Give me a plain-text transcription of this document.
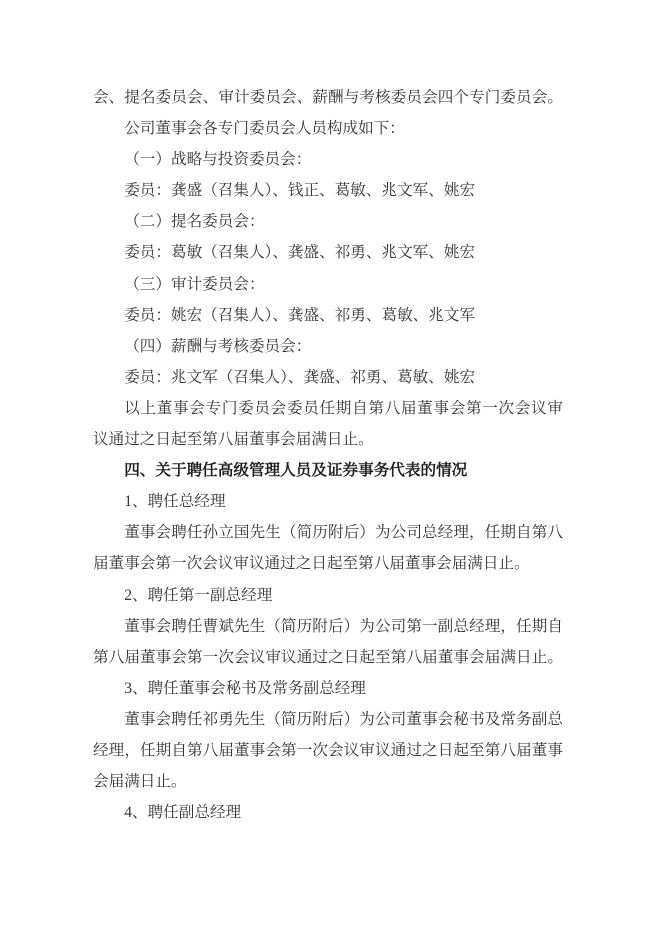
会、提名委员会、审计委员会、薪酬与考核委员会四个专门委员会。
公司董事会各专门委员会人员构成如下：
（一）战略与投资委员会：
委员：龚盛（召集人）、钱正、葛敏、兆文军、姚宏
（二）提名委员会：
委员：葛敏（召集人）、龚盛、祁勇、兆文军、姚宏
（三）审计委员会：
委员：姚宏（召集人）、龚盛、祁勇、葛敏、兆文军
（四）薪酬与考核委员会：
委员：兆文军（召集人）、龚盛、祁勇、葛敏、姚宏
以上董事会专门委员会委员任期自第八届董事会第一次会议审
议通过之日起至第八届董事会届满日止。
四、关于聘任高级管理人员及证券事务代表的情况
1、聘任总经理
董事会聘任孙立国先生（简历附后）为公司总经理，任期自第八
届董事会第一次会议审议通过之日起至第八届董事会届满日止。
2、聘任第一副总经理
董事会聘任曹斌先生（简历附后）为公司第一副总经理，任期自
第八届董事会第一次会议审议通过之日起至第八届董事会届满日止。
3、聘任董事会秘书及常务副总经理
董事会聘任祁勇先生（简历附后）为公司董事会秘书及常务副总
经理，任期自第八届董事会第一次会议审议通过之日起至第八届董事
会届满日止。
4、聘任副总经理
